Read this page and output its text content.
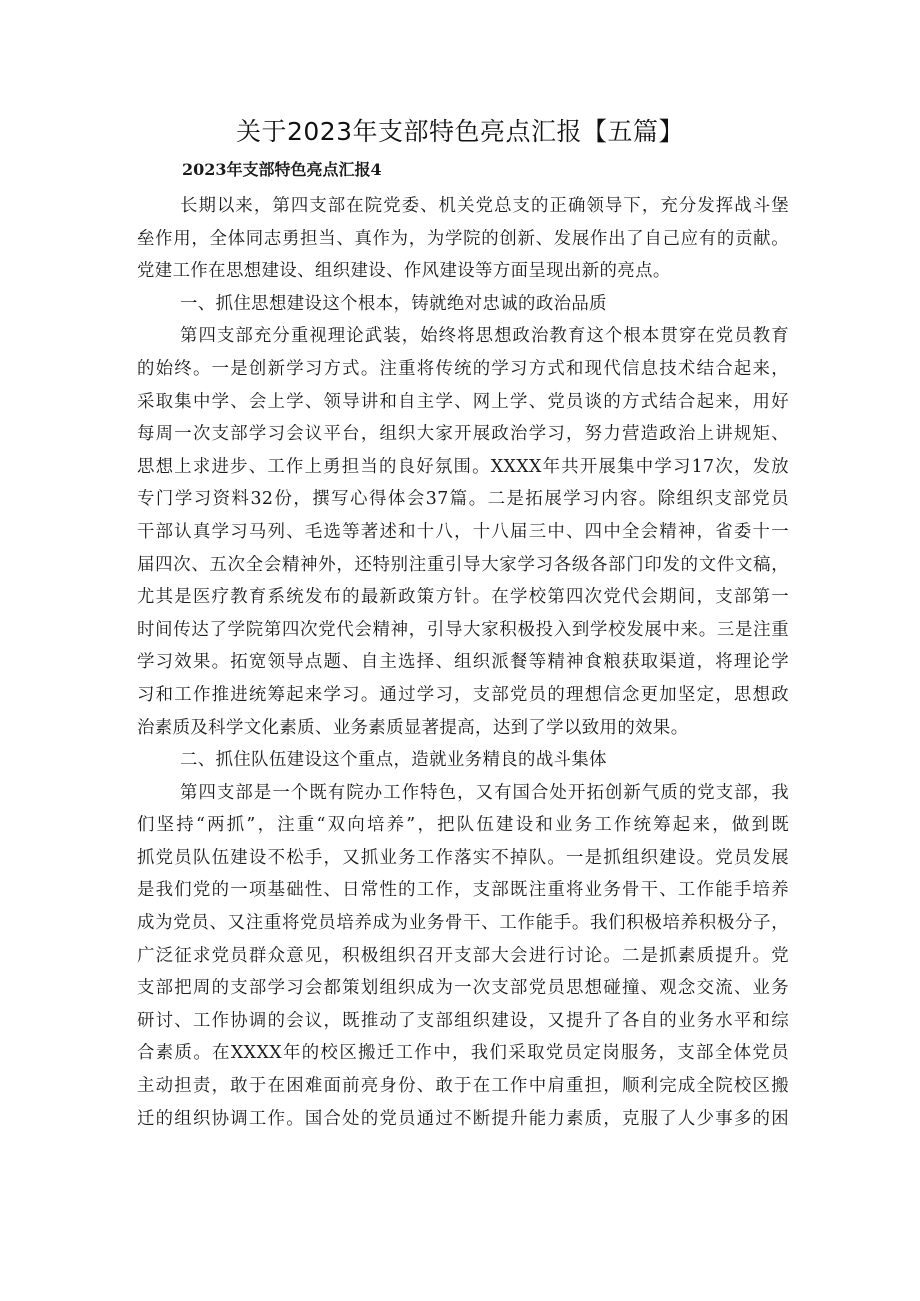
关于2023年支部特色亮点汇报【五篇】
2023年支部特色亮点汇报4
长期以来，第四支部在院党委、机关党总支的正确领导下，充分发挥战斗堡
垒作用，全体同志勇担当、真作为，为学院的创新、发展作出了自己应有的贡献。
党建工作在思想建设、组织建设、作风建设等方面呈现出新的亮点。
一、抓住思想建设这个根本，铸就绝对忠诚的政治品质
第四支部充分重视理论武装，始终将思想政治教育这个根本贯穿在党员教育
的始终。一是创新学习方式。注重将传统的学习方式和现代信息技术结合起来，
采取集中学、会上学、领导讲和自主学、网上学、党员谈的方式结合起来，用好
每周一次支部学习会议平台，组织大家开展政治学习，努力营造政治上讲规矩、
思想上求进步、工作上勇担当的良好氛围。XXXX年共开展集中学习17次，发放
专门学习资料32份，撰写心得体会37篇。二是拓展学习内容。除组织支部党员
干部认真学习马列、毛选等著述和十八，十八届三中、四中全会精神，省委十一
届四次、五次全会精神外，还特别注重引导大家学习各级各部门印发的文件文稿，
尤其是医疗教育系统发布的最新政策方针。在学校第四次党代会期间，支部第一
时间传达了学院第四次党代会精神，引导大家积极投入到学校发展中来。三是注重
学习效果。拓宽领导点题、自主选择、组织派餐等精神食粮获取渠道，将理论学
习和工作推进统筹起来学习。通过学习，支部党员的理想信念更加坚定，思想政
治素质及科学文化素质、业务素质显著提高，达到了学以致用的效果。
二、抓住队伍建设这个重点，造就业务精良的战斗集体
第四支部是一个既有院办工作特色，又有国合处开拓创新气质的党支部，我
们坚持“两抓”，注重“双向培养”，把队伍建设和业务工作统筹起来，做到既
抓党员队伍建设不松手，又抓业务工作落实不掉队。一是抓组织建设。党员发展
是我们党的一项基础性、日常性的工作，支部既注重将业务骨干、工作能手培养
成为党员、又注重将党员培养成为业务骨干、工作能手。我们积极培养积极分子，
广泛征求党员群众意见，积极组织召开支部大会进行讨论。二是抓素质提升。党
支部把周的支部学习会都策划组织成为一次支部党员思想碰撞、观念交流、业务
研讨、工作协调的会议，既推动了支部组织建设，又提升了各自的业务水平和综
合素质。在XXXX年的校区搬迁工作中，我们采取党员定岗服务，支部全体党员
主动担责，敢于在困难面前亮身份、敢于在工作中肩重担，顺利完成全院校区搬
迁的组织协调工作。国合处的党员通过不断提升能力素质，克服了人少事多的困
